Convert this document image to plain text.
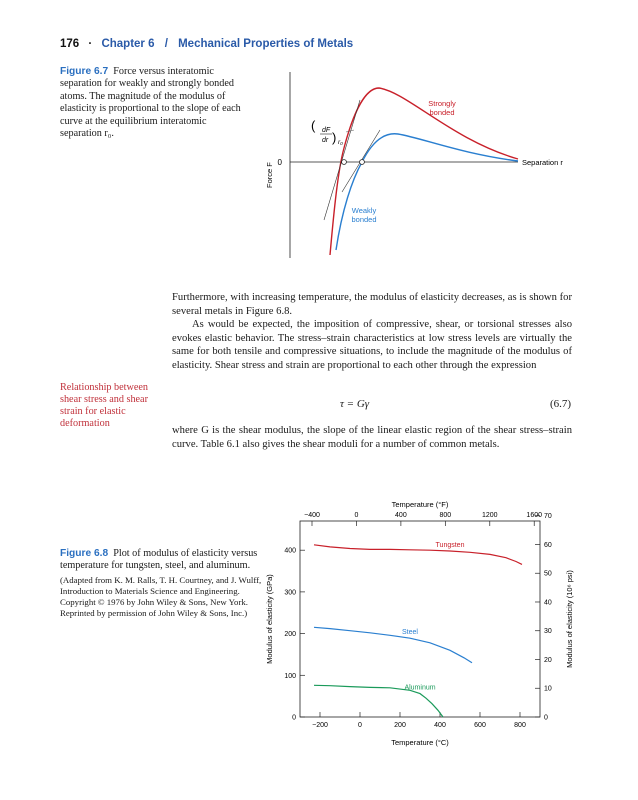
176 · Chapter 6 / Mechanical Properties of Metals
Figure 6.7 Force versus interatomic
separation for weakly and strongly bonded
atoms. The magnitude of the modulus of
elasticity is proportional to the slope of each
curve at the equilibrium interatomic
separation r₀.
0
Force F	Separation r
( dF
dr ) r₀
Strongly
bonded
Weakly
bonded

Furthermore, with increasing temperature, the modulus of elasticity decreases, as is shown for several metals in Figure 6.8.

As would be expected, the imposition of compressive, shear, or torsional stresses also evokes elastic behavior. The stress–strain characteristics at low stress levels are virtually the same for both tensile and compressive situations, to include the magnitude of the modulus of elasticity. Shear stress and strain are proportional to each other through the expression

Relationship between shear stress and shear strain for elastic deformation
τ = Gγ	(6.7)

where G is the shear modulus, the slope of the linear elastic region of the shear stress–strain curve. Table 6.1 also gives the shear moduli for a number of common metals.

Figure 6.8 Plot of modulus of elasticity versus temperature for tungsten, steel, and aluminum.
(Adapted from K. M. Ralls, T. H. Courtney, and J. Wulff, Introduction to Materials Science and Engineering. Copyright © 1976 by John Wiley & Sons, New York. Reprinted by permission of John Wiley & Sons, Inc.)
−200	0	200	400	600	800
−400	0	400	800	1200	1600
0
100
200
300
400
0
10
20
30
40
50
60
70
Tungsten
Steel
Aluminum
Temperature (°F)
Temperature (°C)
Modulus of elasticity (GPa)	Modulus of elasticity (10⁶ psi)
